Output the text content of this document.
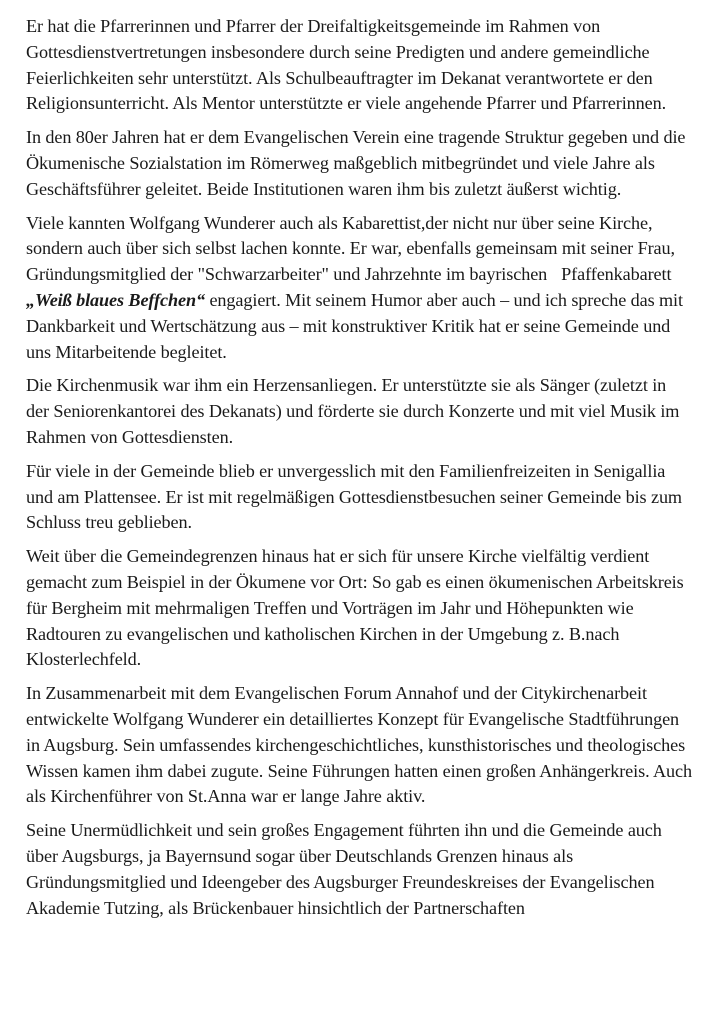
Er hat die Pfarrerinnen und Pfarrer der Dreifaltigkeitsgemeinde im Rahmen von Gottesdienstvertretungen insbesondere durch seine Predigten und andere gemeindliche Feierlichkeiten sehr unterstützt. Als Schulbeauftragter im Dekanat verantwortete er den Religionsunterricht. Als Mentor unterstützte er viele angehende Pfarrer und Pfarrerinnen.

In den 80er Jahren hat er dem Evangelischen Verein eine tragende Struktur gegeben und die Ökumenische Sozialstation im Römerweg maßgeblich mitbegründet und viele Jahre als Geschäftsführer geleitet. Beide Institutionen waren ihm bis zuletzt äußerst wichtig.

Viele kannten Wolfgang Wunderer auch als Kabarettist,der nicht nur über seine Kirche, sondern auch über sich selbst lachen konnte. Er war, ebenfalls gemeinsam mit seiner Frau, Gründungsmitglied der "Schwarzarbeiter" und Jahrzehnte im bayrischen Pfaffenkabarett  „Weiß blaues Beffchen“ engagiert. Mit seinem Humor aber auch – und ich spreche das mit Dankbarkeit und Wertschätzung aus – mit konstruktiver Kritik hat er seine Gemeinde und uns Mitarbeitende begleitet.

Die Kirchenmusik war ihm ein Herzensanliegen. Er unterstützte sie als Sänger (zuletzt in der Seniorenkantorei des Dekanats) und förderte sie durch Konzerte und mit viel Musik im Rahmen von Gottesdiensten.

Für viele in der Gemeinde blieb er unvergesslich mit den Familienfreizeiten in Senigallia und am Plattensee. Er ist mit regelmäßigen Gottesdienstbesuchen seiner Gemeinde bis zum Schluss treu geblieben.

Weit über die Gemeindegrenzen hinaus hat er sich für unsere Kirche vielfältig verdient gemacht zum Beispiel in der Ökumene vor Ort: So gab es einen ökumenischen Arbeitskreis für Bergheim mit mehrmaligen Treffen und Vorträgen im Jahr und Höhepunkten wie Radtouren zu evangelischen und katholischen Kirchen in der Umgebung z. B.nach Klosterlechfeld.

In Zusammenarbeit mit dem Evangelischen Forum Annahof und der Citykirchenarbeit entwickelte Wolfgang Wunderer ein detailliertes Konzept für Evangelische Stadtführungen in Augsburg. Sein umfassendes kirchengeschichtliches, kunsthistorisches und theologisches Wissen kamen ihm dabei zugute. Seine Führungen hatten einen großen Anhängerkreis. Auch als Kirchenführer von St.Anna war er lange Jahre aktiv.

Seine Unermüdlichkeit und sein großes Engagement führten ihn und die Gemeinde auch über Augsburgs, ja Bayernsund sogar über Deutschlands Grenzen hinaus als Gründungsmitglied und Ideengeber des Augsburger Freundeskreises der Evangelischen Akademie Tutzing, als Brückenbauer hinsichtlich der Partnerschaften
